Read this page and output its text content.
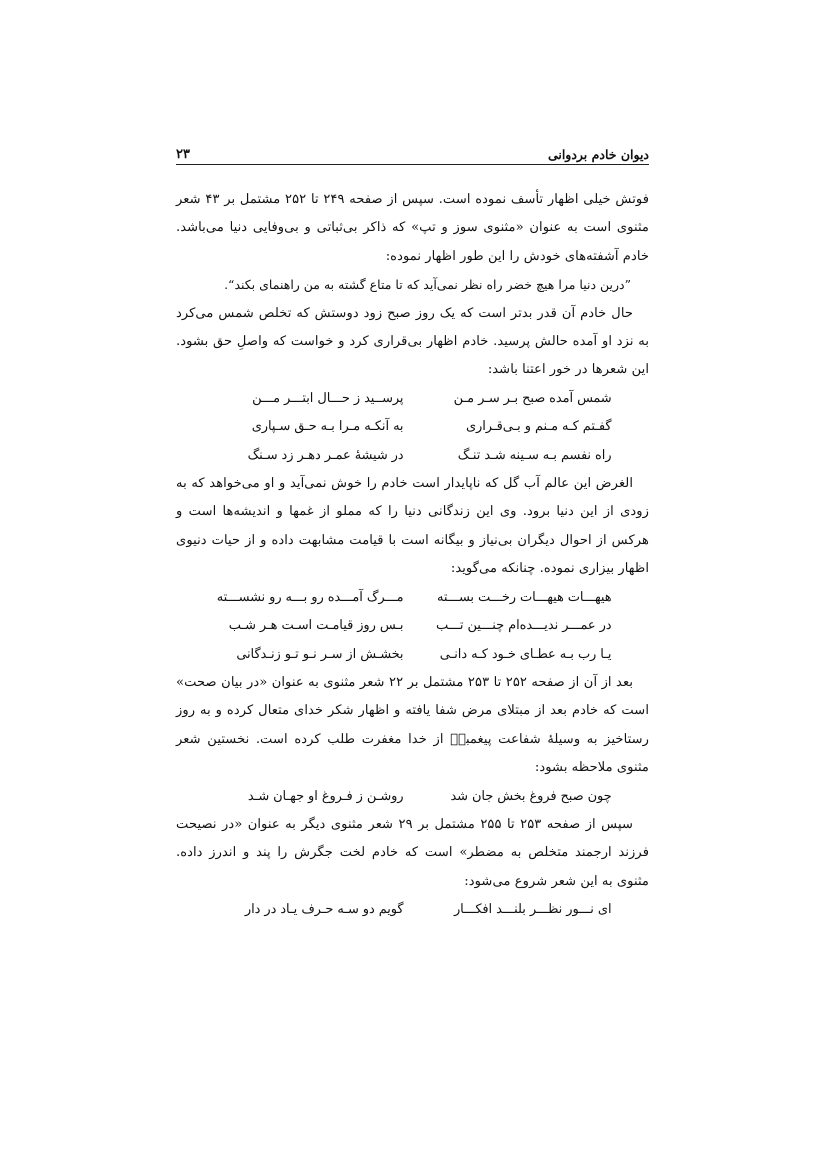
دیوان خادم بردوانی
۲۳

فوتش خیلی اظهار تأسف نموده است. سپس از صفحه ۲۴۹ تا ۲۵۲ مشتمل بر ۴۳ شعر مثنوی است به عنوان «مثنوی سوز و تپ» که ذاکر بی‌ثباتی و بی‌وفایی دنیا می‌باشد. خادم آشفته‌های خودش را این طور اظهار نموده:

”درین دنیا مرا هیچ خضر راه نظر نمی‌آید که تا متاع گشته به من راهنمای بکند“.

حال خادم آن قدر بدتر است که یک روز صبح زود دوستش که تخلص شمس می‌کرد به نزد او آمده حالش پرسید. خادم اظهار بی‌قراری کرد و خواست که واصلِ حق بشود. این شعرها در خور اعتنا باشد:

شمس آمده صبح بـر سـر مـن
پرســید ز حـــال ابتـــر مـــن
گفـتم کـه مـنم و بـی‌قـراری
به آنکـه مـرا بـه حـق سـپاری
راه نفسم بـه سـینه شـد تنـگ
در شیشهٔ عمـر دهـر زد سـنگ

الغرض این عالم آب گل که ناپایدار است خادم را خوش نمی‌آید و او می‌خواهد که به زودی از این دنیا برود. وی این زندگانی دنیا را که مملو از غمها و اندیشه‌ها است و هرکس از احوال دیگران بی‌نیاز و بیگانه است با قیامت مشابهت داده و از حیات دنیوی اظهار بیزاری نموده. چنانکه می‌گوید:

هیهـــات هیهـــات رخـــت بســـته
مـــرگ آمـــده رو بـــه رو نشســـته
در عمـــر ندیـــده‌ام چنـــین تـــب
بـس روز قیامـت اسـت هـر شـب
یـا رب بـه عطـای خـود کـه دانـی
بخشـش از سـر نـو تـو زنـدگانی

بعد از آن از صفحه ۲۵۲ تا ۲۵۳ مشتمل بر ۲۲ شعر مثنوی به عنوان «در بیان صحت» است که خادم بعد از مبتلای مرض شفا یافته و اظهار شکر خدای متعال کرده و به روز رستاخیز به وسیلهٔ شفاعت پیغمبرؐ از خدا مغفرت طلب کرده است. نخستین شعر مثنوی ملاحظه بشود:

چون صبح فروغ بخش جان شد
روشـن ز فـروغ او جهـان شـد

سپس از صفحه ۲۵۳ تا ۲۵۵ مشتمل بر ۲۹ شعر مثنوی دیگر به عنوان «در نصیحت فرزند ارجمند متخلص به مضطر» است که خادم لخت جگرش را پند و اندرز داده. مثنوی به این شعر شروع می‌شود:

ای نـــور نظـــر بلنـــد افکـــار
گویم دو سـه حـرف یـاد در دار
